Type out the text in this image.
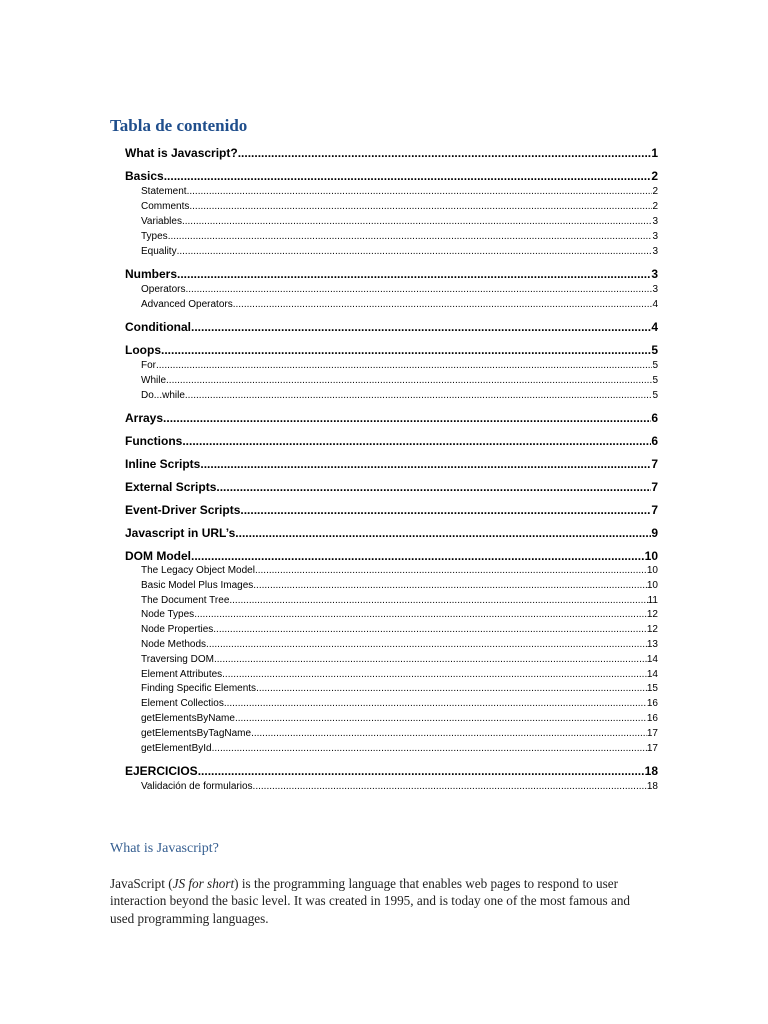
Tabla de contenido
What is Javascript? .....	1
Basics .....	2
Statement .....	2
Comments .....	2
Variables .....	3
Types .....	3
Equality .....	3
Numbers .....	3
Operators .....	3
Advanced Operators .....	4
Conditional .....	4
Loops .....	5
For .....	5
While .....	5
Do...while .....	5
Arrays .....	6
Functions .....	6
Inline Scripts .....	7
External Scripts .....	7
Event-Driver Scripts .....	7
Javascript in URL’s .....	9
DOM Model .....	10
The Legacy Object Model .....	10
Basic Model Plus Images .....	10
The Document Tree .....	11
Node Types .....	12
Node Properties .....	12
Node Methods .....	13
Traversing DOM .....	14
Element Attributes .....	14
Finding Specific Elements .....	15
Element Collectios .....	16
getElementsByName .....	16
getElementsByTagName .....	17
getElementById .....	17
EJERCICIOS .....	18
Validación de formularios .....	18
What is Javascript?

JavaScript (JS for short) is the programming language that enables web pages to respond to user interaction beyond the basic level. It was created in 1995, and is today one of the most famous and used programming languages.
